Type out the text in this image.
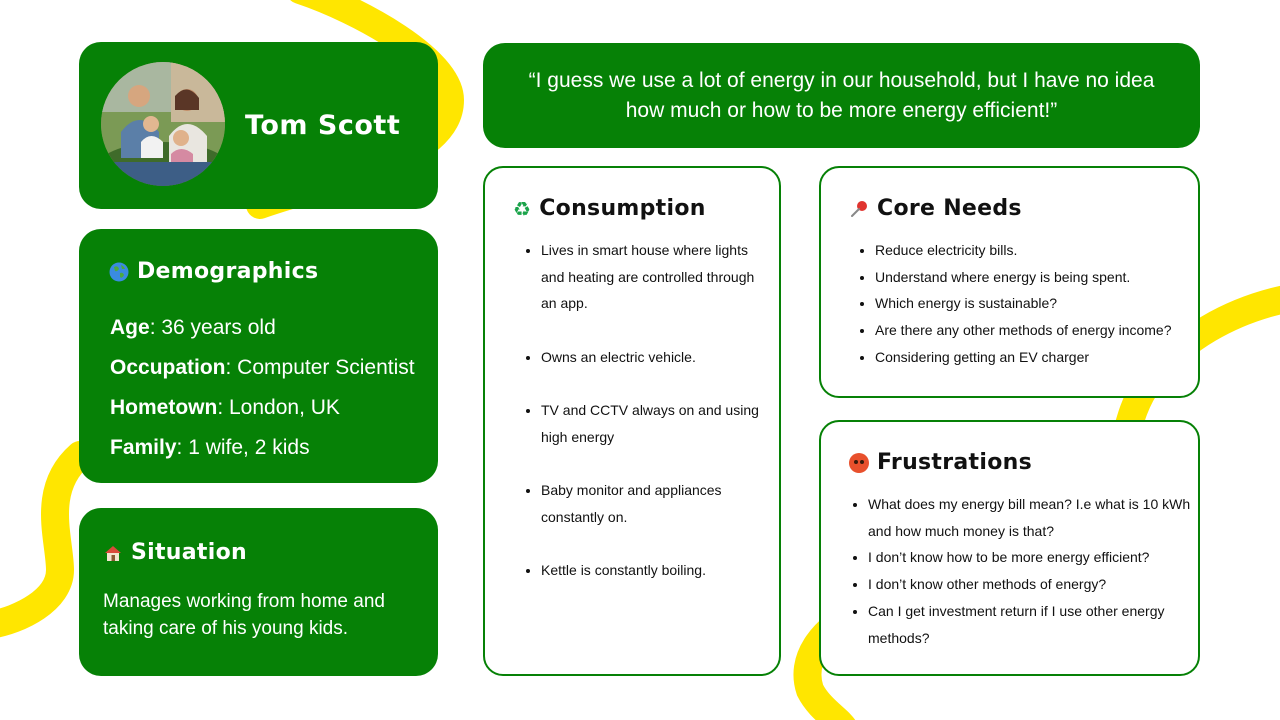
Tom Scott
Demographics
Age: 36 years old
Occupation: Computer Scientist
Hometown: London, UK
Family: 1 wife, 2 kids
Situation
Manages working from home and taking care of his young kids.
“I guess we use a lot of energy in our household, but I have no idea how much or how to be more energy efficient!”
♻ Consumption
• Lives in smart house where lights and heating are controlled through an app.
• Owns an electric vehicle.
• TV and CCTV always on and using high energy
• Baby monitor and appliances constantly on.
• Kettle is constantly boiling.
Core Needs
• Reduce electricity bills.
• Understand where energy is being spent.
• Which energy is sustainable?
• Are there any other methods of energy income?
• Considering getting an EV charger
Frustrations
• What does my energy bill mean? I.e what is 10 kWh and how much money is that?
• I don’t know how to be more energy efficient?
• I don’t know other methods of energy?
• Can I get investment return if I use other energy methods?
